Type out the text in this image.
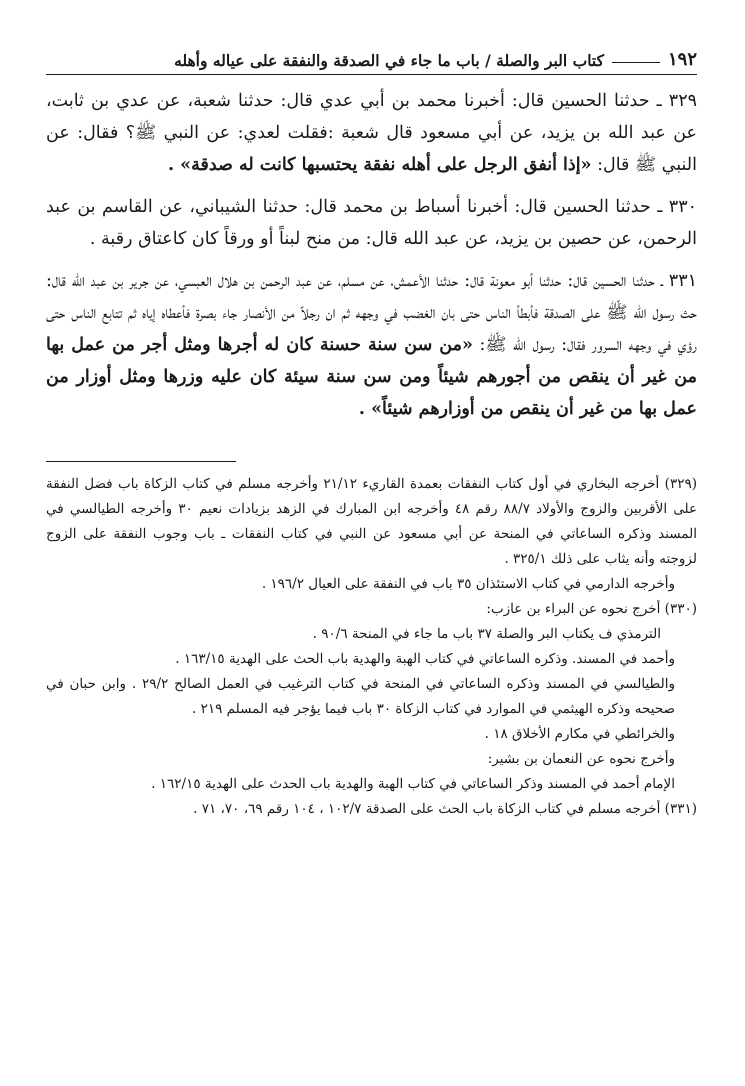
١٩٢
كتاب البر والصلة / باب ما جاء في الصدقة والنفقة على عياله وأهله

٣٢٩ ـ حدثنا الحسين قال: أخبرنا محمد بن أبي عدي قال: حدثنا شعبة، عن عدي بن ثابت، عن عبد الله بن يزيد، عن أبي مسعود قال شعبة :فقلت لعدي: عن النبي ﷺ؟ فقال: عن النبي ﷺ قال: «إذا أنفق الرجل على أهله نفقة يحتسبها كانت له صدقة» .

٣٣٠ ـ حدثنا الحسين قال: أخبرنا أسباط بن محمد قال: حدثنا الشيباني، عن القاسم بن عبد الرحمن، عن حصين بن يزيد، عن عبد الله قال: من منح لبناً أو ورقاً كان كاعتاق رقبة .

٣٣١ ـ حدثنا الحسين قال: حدثنا أبو معونة قال: حدثنا الأعمش، عن مسلم، عن عبد الرحمن بن هلال العبسي، عن جرير بن عبد الله قال: حث رسول الله ﷺ على الصدقة فأبطأ الناس حتى بان الغضب في وجهه ثم ان رجلاً من الأنصار جاء بصرة فأعطاه إياه ثم تتابع الناس حتى رؤي في وجهه السرور فقال: رسول الله ﷺ: «من سن سنة حسنة كان له أجرها ومثل أجر من عمل بها من غير أن ينقص من أجورهم شيئاً ومن سن سنة سيئة كان عليه وزرها ومثل أوزار من عمل بها من غير أن ينقص من أوزارهم شيئاً» .

(٣٢٩) أخرجه البخاري في أول كتاب النفقات بعمدة القاريء ٢١/١٢ وأخرجه مسلم في كتاب الزكاة باب فضل النفقة على الأقربين والزوج والأولاد ٨٨/٧ رقم ٤٨ وأخرجه ابن المبارك في الزهد بزيادات نعيم ٣٠ وأخرجه الطيالسي في المسند وذكره الساعاتي في المنحة عن أبي مسعود عن النبي في كتاب النفقات ـ باب وجوب النفقة على الزوج لزوجته وأنه يثاب على ذلك ٣٢٥/١ .

وأخرجه الدارمي في كتاب الاستئذان ٣٥ باب في النفقة على العيال ١٩٦/٢ .

(٣٣٠) أخرج نحوه عن البراء بن عازب:

الترمذي ف يكتاب البر والصلة ٣٧ باب ما جاء في المنحة ٩٠/٦ .

وأحمد في المسند. وذكره الساعاتي في كتاب الهبة والهدية باب الحث على الهدية ١٦٣/١٥ .

والطيالسي في المسند وذكره الساعاتي في المنحة في كتاب الترغيب في العمل الصالح ٢٩/٢ . وابن حبان في صحيحه وذكره الهيثمي في الموارد في كتاب الزكاة ٣٠ باب فيما يؤجر فيه المسلم ٢١٩ .

والخرائطي في مكارم الأخلاق ١٨ .

وأخرج نحوه عن النعمان بن بشير:

الإمام أحمد في المسند وذكر الساعاتي في كتاب الهبة والهدية باب الحدث على الهدية ١٦٢/١٥ .

(٣٣١) أخرجه مسلم في كتاب الزكاة باب الحث على الصدقة ١٠٢/٧ ، ١٠٤ رقم ٦٩، ٧٠، ٧١ .
